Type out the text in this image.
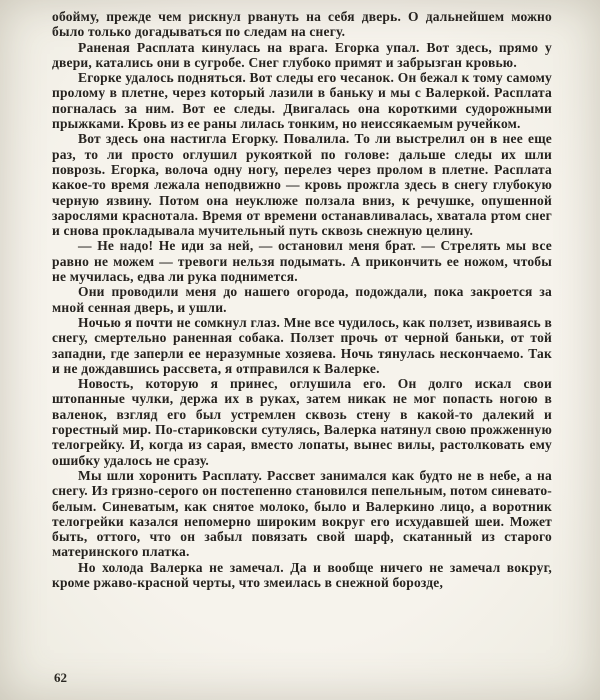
обойму, прежде чем рискнул рвануть на себя дверь. О дальнейшем можно было только догадываться по следам на снегу.

Раненая Расплата кинулась на врага. Егорка упал. Вот здесь, прямо у двери, катались они в сугробе. Снег глубоко примят и забрызган кровью.

Егорке удалось подняться. Вот следы его чесанок. Он бежал к тому самому пролому в плетне, через который лазили в баньку и мы с Валеркой. Расплата погналась за ним. Вот ее следы. Двигалась она короткими судорожными прыжками. Кровь из ее раны лилась тонким, но неиссякаемым ручейком.

Вот здесь она настигла Егорку. Повалила. То ли выстрелил он в нее еще раз, то ли просто оглушил рукояткой по голове: дальше следы их шли поврозь. Егорка, волоча одну ногу, перелез через пролом в плетне. Расплата какое-то время лежала неподвижно — кровь прожгла здесь в снегу глубокую черную язвину. Потом она неуклюже ползала вниз, к речушке, опушенной зарослями краснотала. Время от времени останавливалась, хватала ртом снег и снова прокладывала мучительный путь сквозь снежную целину.

— Не надо! Не иди за ней, — остановил меня брат. — Стрелять мы все равно не можем — тревоги нельзя подымать. А прикончить ее ножом, чтобы не мучилась, едва ли рука поднимется.

Они проводили меня до нашего огорода, подождали, пока закроется за мной сенная дверь, и ушли.

Ночью я почти не сомкнул глаз. Мне все чудилось, как ползет, извиваясь в снегу, смертельно раненная собака. Ползет прочь от черной баньки, от той западни, где заперли ее неразумные хозяева. Ночь тянулась нескончаемо. Так и не дождавшись рассвета, я отправился к Валерке.

Новость, которую я принес, оглушила его. Он долго искал свои штопанные чулки, держа их в руках, затем никак не мог попасть ногою в валенок, взгляд его был устремлен сквозь стену в какой-то далекий и горестный мир. По-стариковски сутулясь, Валерка натянул свою прожженную телогрейку. И, когда из сарая, вместо лопаты, вынес вилы, растолковать ему ошибку удалось не сразу.

Мы шли хоронить Расплату. Рассвет занимался как будто не в небе, а на снегу. Из грязно-серого он постепенно становился пепельным, потом синевато-белым. Синеватым, как снятое молоко, было и Валеркино лицо, а воротник телогрейки казался непомерно широким вокруг его исхудавшей шеи. Может быть, оттого, что он забыл повязать свой шарф, скатанный из старого материнского платка.

Но холода Валерка не замечал. Да и вообще ничего не замечал вокруг, кроме ржаво-красной черты, что змеилась в снежной борозде,

62
